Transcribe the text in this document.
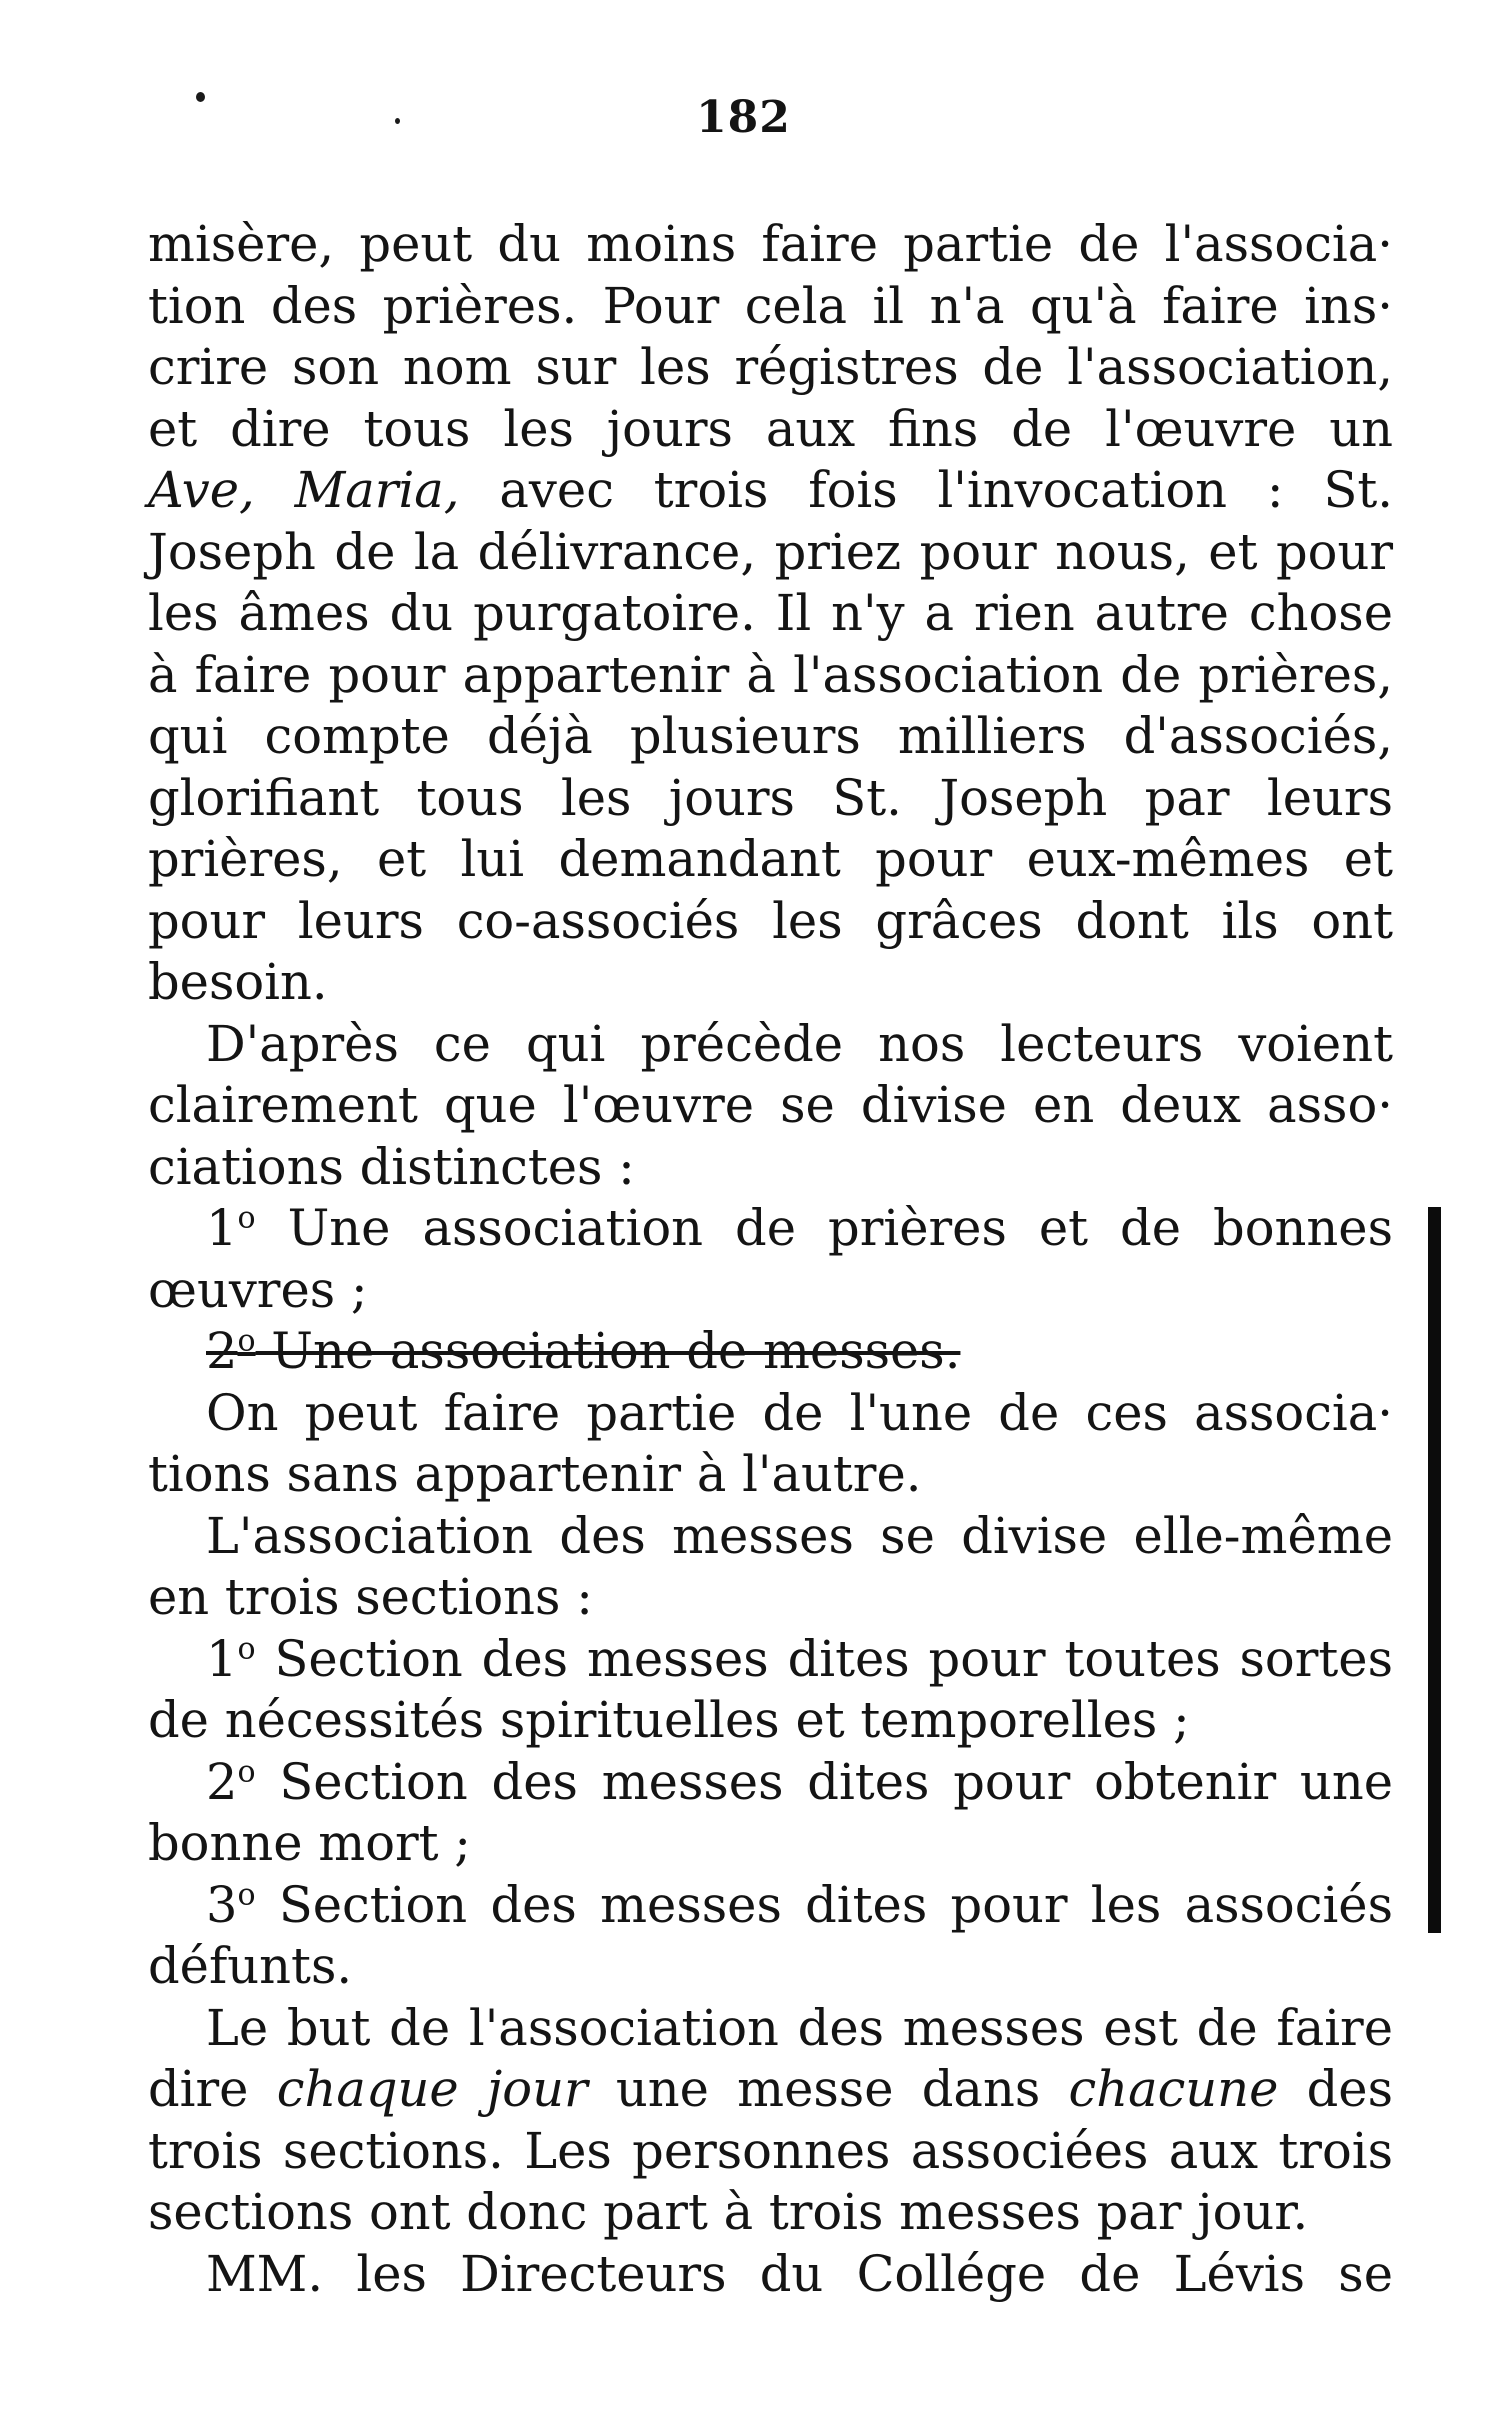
182
misère, peut du moins faire partie de l'associa·
tion des prières. Pour cela il n'a qu'à faire ins·
crire son nom sur les régistres de l'association,
et dire tous les jours aux fins de l'œuvre un
Ave, Maria, avec trois fois l'invocation : St.
Joseph de la délivrance, priez pour nous, et pour
les âmes du purgatoire. Il n'y a rien autre chose
à faire pour appartenir à l'association de prières,
qui compte déjà plusieurs milliers d'associés,
glorifiant tous les jours St. Joseph par leurs
prières, et lui demandant pour eux-mêmes et
pour leurs co-associés les grâces dont ils ont
besoin.
D'après ce qui précède nos lecteurs voient
clairement que l'œuvre se divise en deux asso·
ciations distinctes :
1$^o$ Une association de prières et de bonnes
œuvres ;
2$^o$ Une association de messes.
On peut faire partie de l'une de ces associa·
tions sans appartenir à l'autre.
L'association des messes se divise elle-même
en trois sections :
1$^o$ Section des messes dites pour toutes sortes
de nécessités spirituelles et temporelles ;
2$^o$ Section des messes dites pour obtenir une
bonne mort ;
3$^o$ Section des messes dites pour les associés
défunts.
Le but de l'association des messes est de faire
dire chaque jour une messe dans chacune des
trois sections. Les personnes associées aux trois
sections ont donc part à trois messes par jour.
MM. les Directeurs du Collége de Lévis se
